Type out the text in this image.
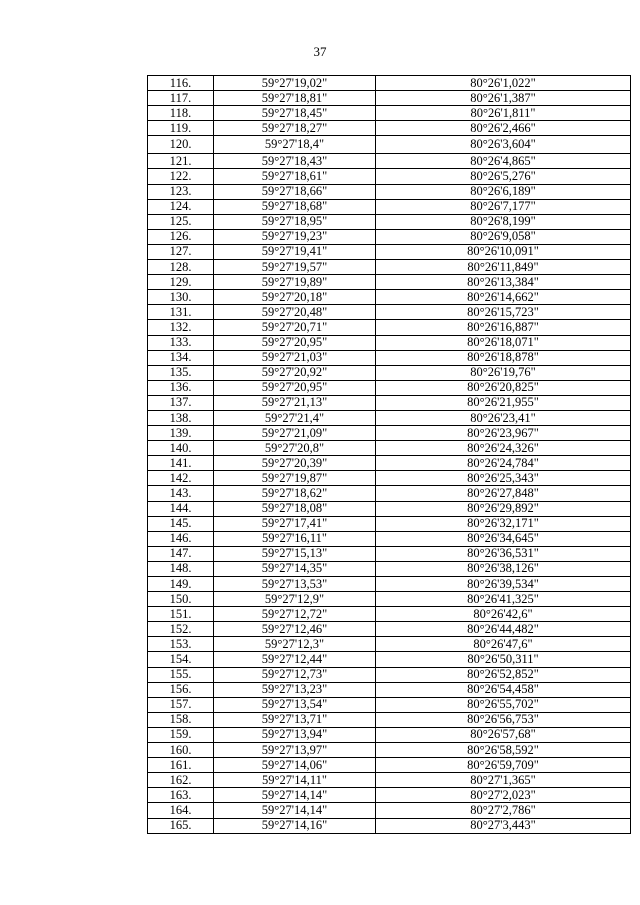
37
116.	59°27'19,02"	80°26'1,022"
117.	59°27'18,81"	80°26'1,387"
118.	59°27'18,45"	80°26'1,811"
119.	59°27'18,27"	80°26'2,466"
120.	59°27'18,4"	80°26'3,604"
121.	59°27'18,43"	80°26'4,865"
122.	59°27'18,61"	80°26'5,276"
123.	59°27'18,66"	80°26'6,189"
124.	59°27'18,68"	80°26'7,177"
125.	59°27'18,95"	80°26'8,199"
126.	59°27'19,23"	80°26'9,058"
127.	59°27'19,41"	80°26'10,091"
128.	59°27'19,57"	80°26'11,849"
129.	59°27'19,89"	80°26'13,384"
130.	59°27'20,18"	80°26'14,662"
131.	59°27'20,48"	80°26'15,723"
132.	59°27'20,71"	80°26'16,887"
133.	59°27'20,95"	80°26'18,071"
134.	59°27'21,03"	80°26'18,878"
135.	59°27'20,92"	80°26'19,76"
136.	59°27'20,95"	80°26'20,825"
137.	59°27'21,13"	80°26'21,955"
138.	59°27'21,4"	80°26'23,41"
139.	59°27'21,09"	80°26'23,967"
140.	59°27'20,8"	80°26'24,326"
141.	59°27'20,39"	80°26'24,784"
142.	59°27'19,87"	80°26'25,343"
143.	59°27'18,62"	80°26'27,848"
144.	59°27'18,08"	80°26'29,892"
145.	59°27'17,41"	80°26'32,171"
146.	59°27'16,11"	80°26'34,645"
147.	59°27'15,13"	80°26'36,531"
148.	59°27'14,35"	80°26'38,126"
149.	59°27'13,53"	80°26'39,534"
150.	59°27'12,9"	80°26'41,325"
151.	59°27'12,72"	80°26'42,6"
152.	59°27'12,46"	80°26'44,482"
153.	59°27'12,3"	80°26'47,6"
154.	59°27'12,44"	80°26'50,311"
155.	59°27'12,73"	80°26'52,852"
156.	59°27'13,23"	80°26'54,458"
157.	59°27'13,54"	80°26'55,702"
158.	59°27'13,71"	80°26'56,753"
159.	59°27'13,94"	80°26'57,68"
160.	59°27'13,97"	80°26'58,592"
161.	59°27'14,06"	80°26'59,709"
162.	59°27'14,11"	80°27'1,365"
163.	59°27'14,14"	80°27'2,023"
164.	59°27'14,14"	80°27'2,786"
165.	59°27'14,16"	80°27'3,443"
